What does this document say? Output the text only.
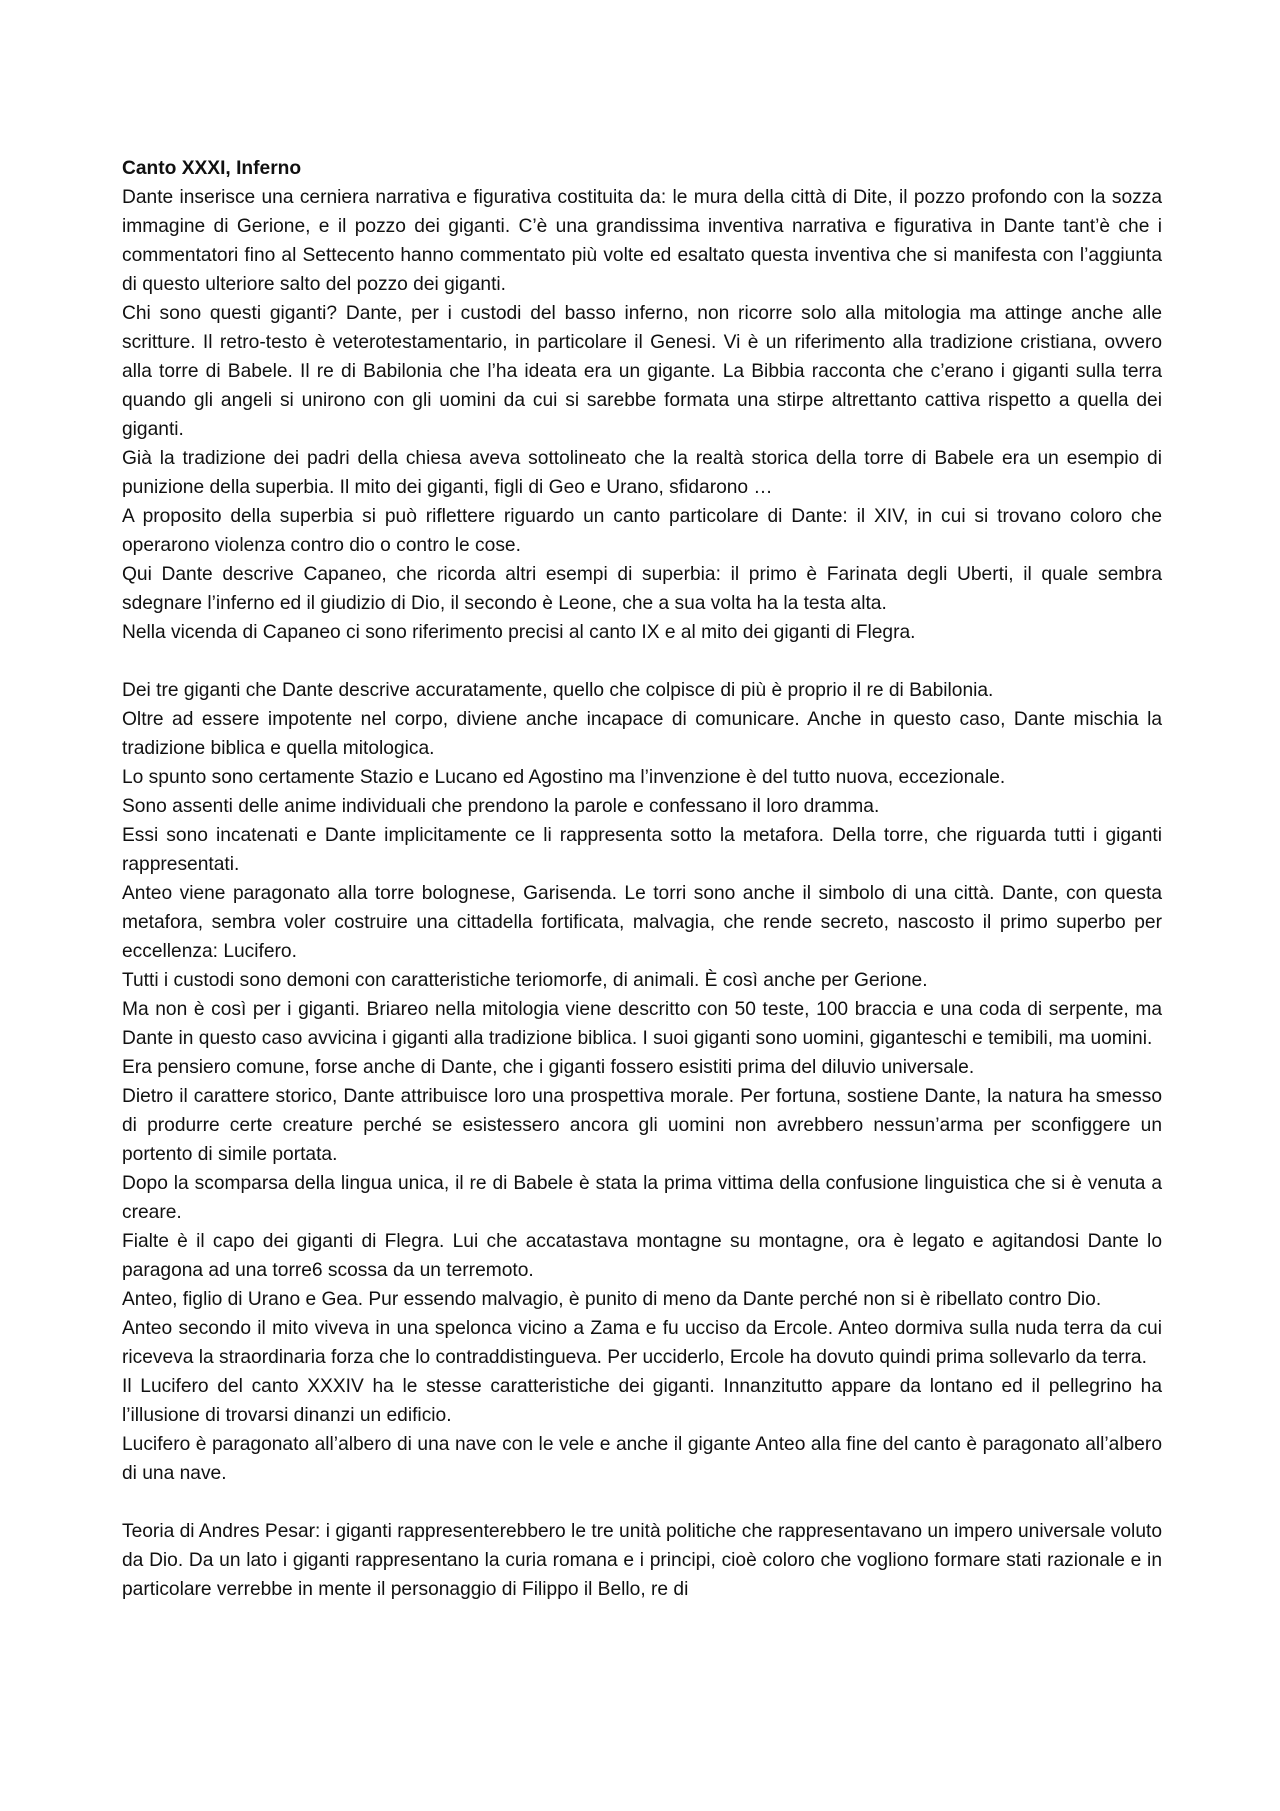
Canto XXXI, Inferno

Dante inserisce una cerniera narrativa e figurativa costituita da: le mura della città di Dite, il pozzo profondo con la sozza immagine di Gerione, e il pozzo dei giganti. C’è una grandissima inventiva narrativa e figurativa in Dante tant’è che i commentatori fino al Settecento hanno commentato più volte ed esaltato questa inventiva che si manifesta con l’aggiunta di questo ulteriore salto del pozzo dei giganti.

Chi sono questi giganti? Dante, per i custodi del basso inferno, non ricorre solo alla mitologia ma attinge anche alle scritture. Il retro-testo è veterotestamentario, in particolare il Genesi. Vi è un riferimento alla tradizione cristiana, ovvero alla torre di Babele. Il re di Babilonia che l’ha ideata era un gigante. La Bibbia racconta che c’erano i giganti sulla terra quando gli angeli si unirono con gli uomini da cui si sarebbe formata una stirpe altrettanto cattiva rispetto a quella dei giganti.

Già la tradizione dei padri della chiesa aveva sottolineato che la realtà storica della torre di Babele era un esempio di punizione della superbia. Il mito dei giganti, figli di Geo e Urano, sfidarono …

A proposito della superbia si può riflettere riguardo un canto particolare di Dante: il XIV, in cui si trovano coloro che operarono violenza contro dio o contro le cose.

Qui Dante descrive Capaneo, che ricorda altri esempi di superbia: il primo è Farinata degli Uberti, il quale sembra sdegnare l’inferno ed il giudizio di Dio, il secondo è Leone, che a sua volta ha la testa alta.

Nella vicenda di Capaneo ci sono riferimento precisi al canto IX e al mito dei giganti di Flegra.

Dei tre giganti che Dante descrive accuratamente, quello che colpisce di più è proprio il re di Babilonia.

Oltre ad essere impotente nel corpo, diviene anche incapace di comunicare. Anche in questo caso, Dante mischia la tradizione biblica e quella mitologica.

Lo spunto sono certamente Stazio e Lucano ed Agostino ma l’invenzione è del tutto nuova, eccezionale.

Sono assenti delle anime individuali che prendono la parole e confessano il loro dramma.

Essi sono incatenati e Dante implicitamente ce li rappresenta sotto la metafora. Della torre, che riguarda tutti i giganti rappresentati.

Anteo viene paragonato alla torre bolognese, Garisenda. Le torri sono anche il simbolo di una città. Dante, con questa metafora, sembra voler costruire una cittadella fortificata, malvagia, che rende secreto, nascosto il primo superbo per eccellenza: Lucifero.

Tutti i custodi sono demoni con caratteristiche teriomorfe, di animali. È così anche per Gerione.

Ma non è così per i giganti. Briareo nella mitologia viene descritto con 50 teste, 100 braccia e una coda di serpente, ma Dante in questo caso avvicina i giganti alla tradizione biblica. I suoi giganti sono uomini, giganteschi e temibili, ma uomini.

Era pensiero comune, forse anche di Dante, che i giganti fossero esistiti prima del diluvio universale.

Dietro il carattere storico, Dante attribuisce loro una prospettiva morale. Per fortuna, sostiene Dante, la natura ha smesso di produrre certe creature perché se esistessero ancora gli uomini non avrebbero nessun’arma per sconfiggere un portento di simile portata.

Dopo la scomparsa della lingua unica, il re di Babele è stata la prima vittima della confusione linguistica che si è venuta a creare.

Fialte è il capo dei giganti di Flegra. Lui che accatastava montagne su montagne, ora è legato e agitandosi Dante lo paragona ad una torre6 scossa da un terremoto.

Anteo, figlio di Urano e Gea. Pur essendo malvagio, è punito di meno da Dante perché non si è ribellato contro Dio.

Anteo secondo il mito viveva in una spelonca vicino a Zama e fu ucciso da Ercole. Anteo dormiva sulla nuda terra da cui riceveva la straordinaria forza che lo contraddistingueva. Per ucciderlo, Ercole ha dovuto quindi prima sollevarlo da terra.

Il Lucifero del canto XXXIV ha le stesse caratteristiche dei giganti. Innanzitutto appare da lontano ed il pellegrino ha l’illusione di trovarsi dinanzi un edificio.

Lucifero è paragonato all’albero di una nave con le vele e anche il gigante Anteo alla fine del canto è paragonato all’albero di una nave.

Teoria di Andres Pesar: i giganti rappresenterebbero le tre unità politiche che rappresentavano un impero universale voluto da Dio. Da un lato i giganti rappresentano la curia romana e i principi, cioè coloro che vogliono formare stati razionale e in particolare verrebbe in mente il personaggio di Filippo il Bello, re di
